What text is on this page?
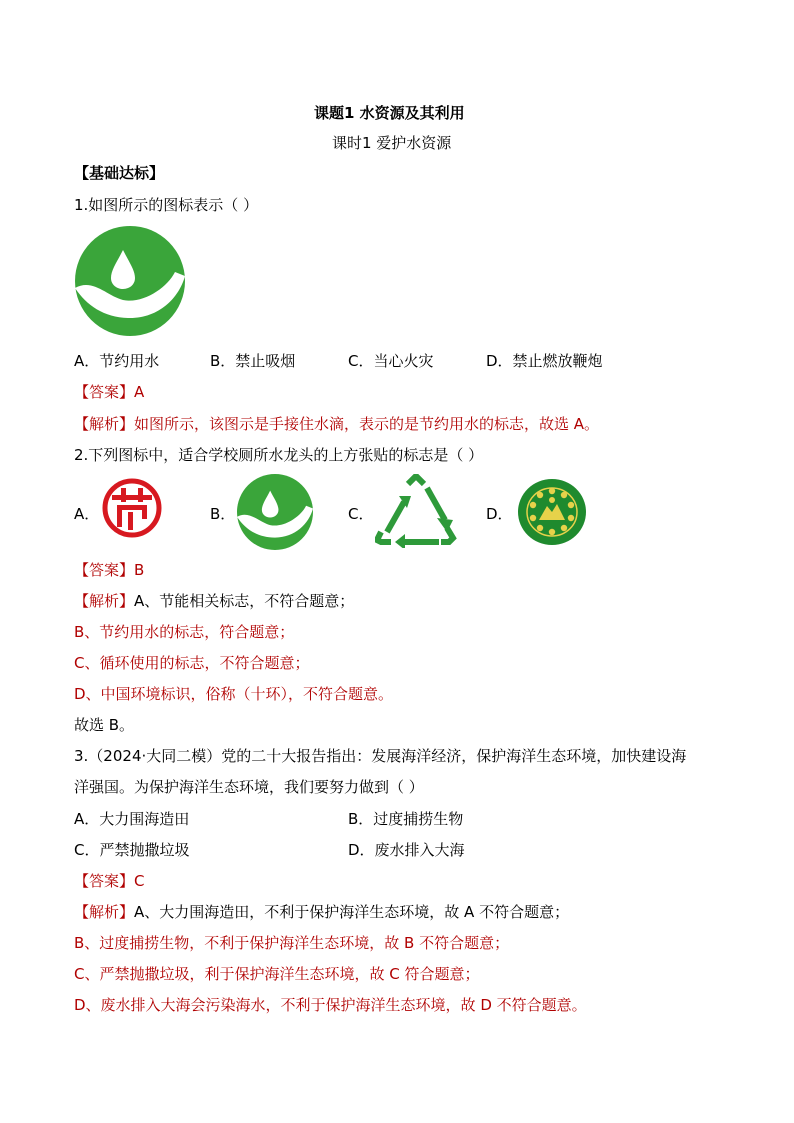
课题1 水资源及其利用
课时1 爱护水资源
【基础达标】
1.如图所示的图标表示（ ）
A．节约用水	B．禁止吸烟	C．当心火灾	D．禁止燃放鞭炮
【答案】A
【解析】如图所示，该图示是手接住水滴，表示的是节约用水的标志，故选 A。
2.下列图标中，适合学校厕所水龙头的上方张贴的标志是（ ）
A．	B．	C．	D．
【答案】B
【解析】A、节能相关标志，不符合题意；
B、节约用水的标志，符合题意；
C、循环使用的标志，不符合题意；
D、中国环境标识，俗称（十环），不符合题意。
故选 B。
3.（2024·大同二模）党的二十大报告指出：发展海洋经济，保护海洋生态环境，加快建设海
洋强国。为保护海洋生态环境，我们要努力做到（ ）
A．大力围海造田	B．过度捕捞生物
C．严禁抛撒垃圾	D．废水排入大海
【答案】C
【解析】A、大力围海造田，不利于保护海洋生态环境，故 A 不符合题意；
B、过度捕捞生物，不利于保护海洋生态环境，故 B 不符合题意；
C、严禁抛撒垃圾，利于保护海洋生态环境，故 C 符合题意；
D、废水排入大海会污染海水，不利于保护海洋生态环境，故 D 不符合题意。
